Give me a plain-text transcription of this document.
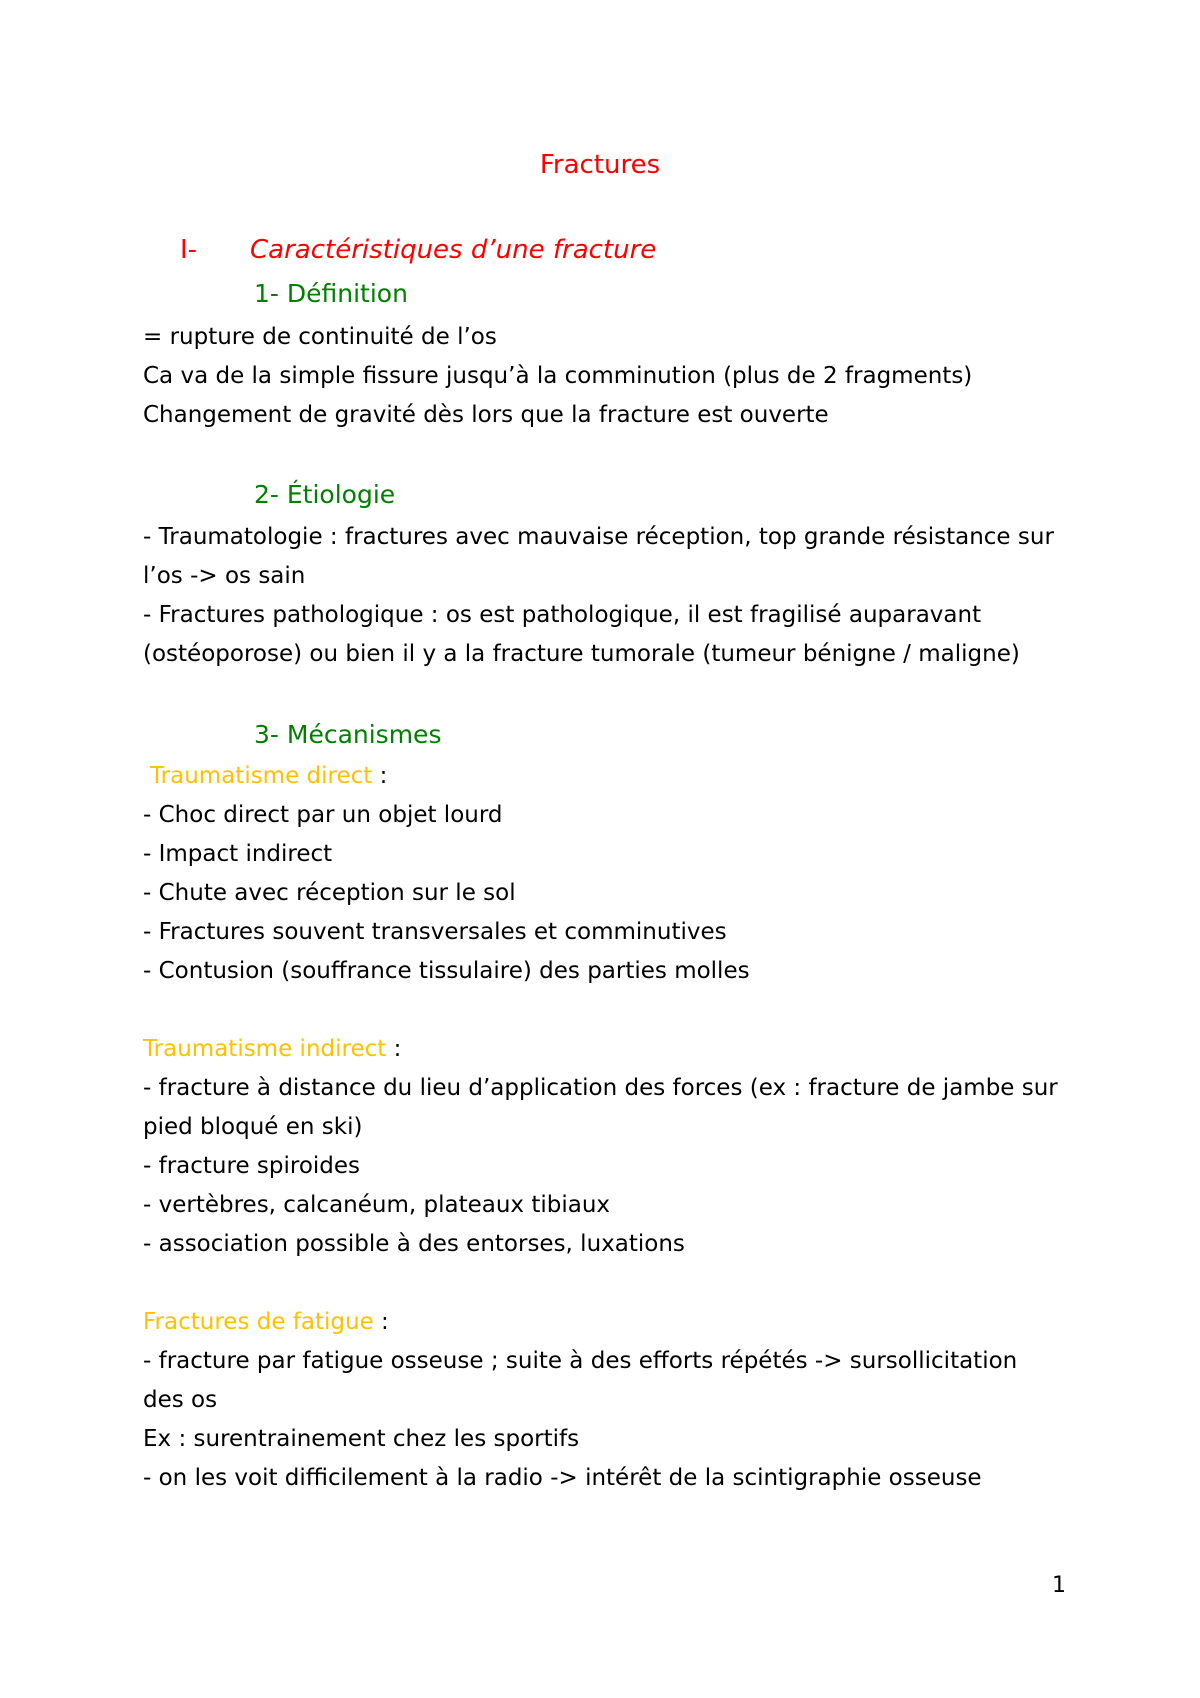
Fractures
I- Caractéristiques d’une fracture
1- Définition
= rupture de continuité de l’os
Ca va de la simple fissure jusqu’à la comminution (plus de 2 fragments)
Changement de gravité dès lors que la fracture est ouverte
2- Étiologie
- Traumatologie : fractures avec mauvaise réception, top grande résistance sur
l’os -> os sain
- Fractures pathologique : os est pathologique, il est fragilisé auparavant
(ostéoporose) ou bien il y a la fracture tumorale (tumeur bénigne / maligne)
3- Mécanismes
Traumatisme direct :
- Choc direct par un objet lourd
- Impact indirect
- Chute avec réception sur le sol
- Fractures souvent transversales et comminutives
- Contusion (souffrance tissulaire) des parties molles
Traumatisme indirect :
- fracture à distance du lieu d’application des forces (ex : fracture de jambe sur
pied bloqué en ski)
- fracture spiroides
- vertèbres, calcanéum, plateaux tibiaux
- association possible à des entorses, luxations
Fractures de fatigue :
- fracture par fatigue osseuse ; suite à des efforts répétés -> sursollicitation
des os
Ex : surentrainement chez les sportifs
- on les voit difficilement à la radio -> intérêt de la scintigraphie osseuse
1
